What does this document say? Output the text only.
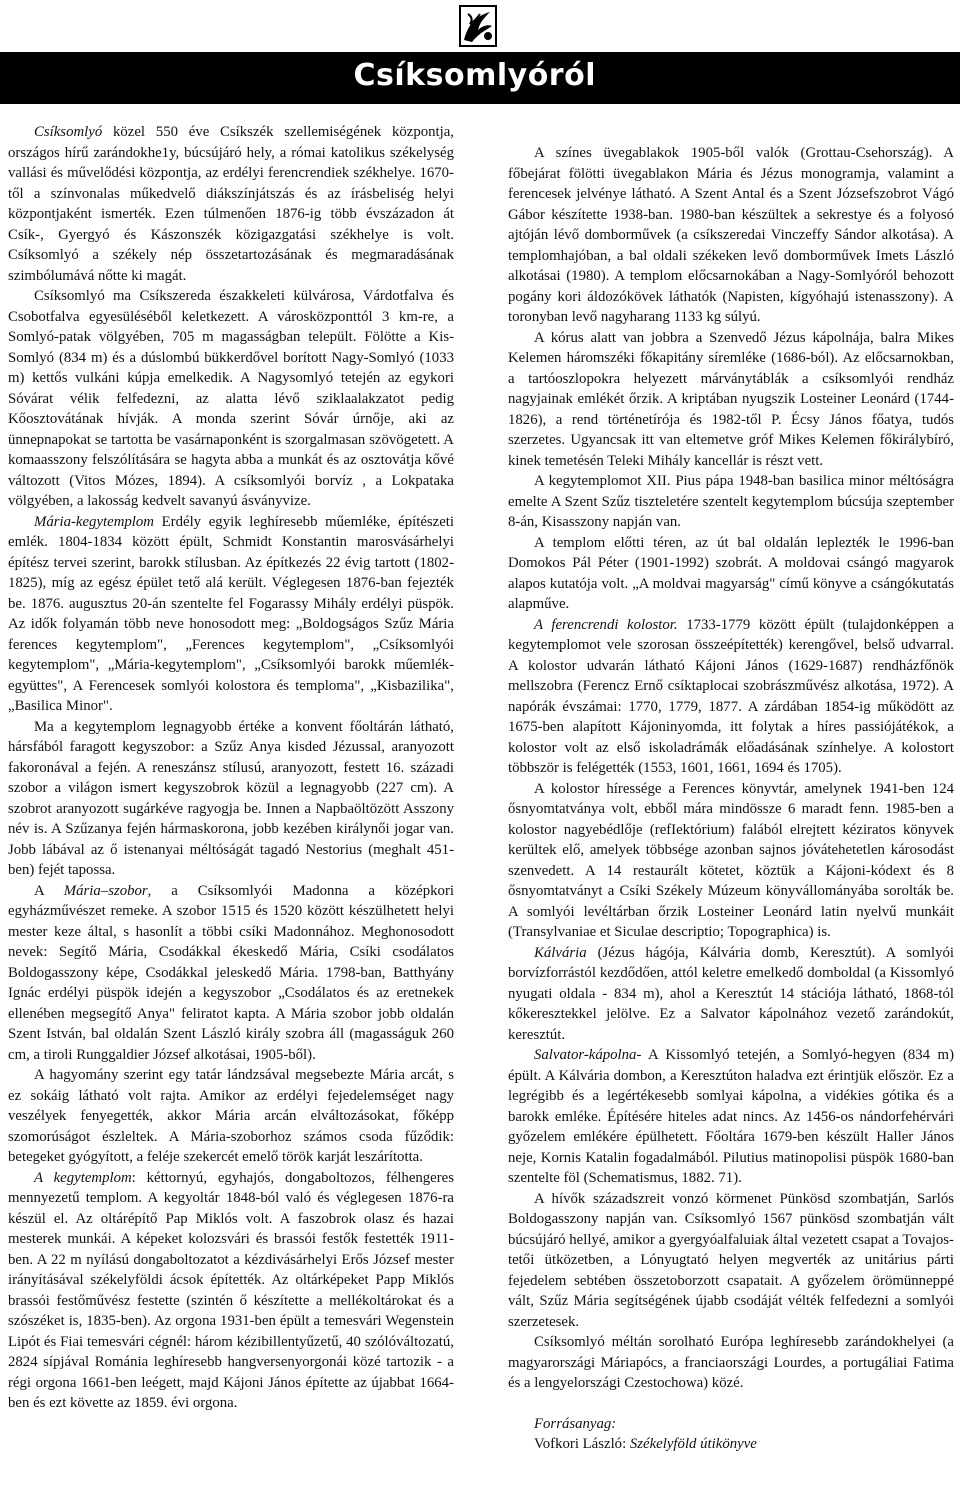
Csíksomlyóról

Csíksomlyó közel 550 éve Csíkszék szellemiségének központja, országos hírű zarándokhe1y, búcsújáró hely, a római katolikus székelység vallási és művelődési központja, az erdélyi ferencrendiek székhelye. 1670-től a színvonalas műkedvelő diákszínjátszás és az írásbeliség helyi központjaként ismerték. Ezen túlmenően 1876-ig több évszázadon át Csík-, Gyergyó és Kászonszék közigazgatási székhelye is volt. Csíksomlyó a székely nép összetartozásának és megmaradásának szimbólumává nőtte ki magát.

Csíksomlyó ma Csíkszereda északkeleti külvárosa, Várdotfalva és Csobotfalva egyesüléséből keletkezett. A városközponttól 3 km-re, a Somlyó-patak völgyében, 705 m magasságban települt. Fölötte a Kis-Somlyó (834 m) és a dúslombú bükkerdővel borított Nagy-Somlyó (1033 m) kettős vulkáni kúpja emelkedik. A Nagysomlyó tetején az egykori Sóvárat vélik felfedezni, az alatta lévő sziklaalakzatot pedig Kőosztovátának hívják. A monda szerint Sóvár úrnője, aki az ünnepnapokat se tartotta be vasárnaponként is szorgalmasan szövögetett. A komaasszony felszólítására se hagyta abba a munkát és az osztovátja kővé változott (Vitos Mózes, 1894). A csíksomlyói borvíz , a Lokpataka völgyében, a lakosság kedvelt savanyú ásványvize.

Mária-kegytemplom Erdély egyik leghíresebb műemléke, építészeti emlék. 1804-1834 között épült, Schmidt Konstantin marosvásárhelyi építész tervei szerint, barokk stílusban. Az építkezés 22 évig tartott (1802-1825), míg az egész épület tető alá került. Véglegesen 1876-ban fejezték be. 1876. augusztus 20-án szentelte fel Fogarassy Mihály erdélyi püspök. Az idők folyamán több neve honosodott meg: „Boldogságos Szűz Mária ferences kegytemplom", „Ferences kegytemplom", „Csíksomlyói kegytemplom", „Mária-kegytemplom", „Csíksomlyói barokk műemlék-együttes", A Ferencesek somlyói kolostora és temploma", „Kisbazilika", „Basilica Minor".

Ma a kegytemplom legnagyobb értéke a konvent főoltárán látható, hársfából faragott kegyszobor: a Szűz Anya kisded Jézussal, aranyozott fakoronával a fején. A reneszánsz stílusú, aranyozott, festett 16. századi szobor a világon ismert kegyszobrok közül a legnagyobb (227 cm). A szobrot aranyozott sugárkéve ragyogja be. Innen a Napbaöltözött Asszony név is. A Szűzanya fején hármaskorona, jobb kezében királynői jogar van. Jobb lábával az ő istenanyai méltóságát tagadó Nestorius (meghalt 451-ben) fejét tapossa.

A Mária–szobor, a Csíksomlyói Madonna a középkori egyházművészet remeke. A szobor 1515 és 1520 között készülhetett helyi mester keze által, s hasonlít a többi csíki Madonnához. Meghonosodott nevek: Segítő Mária, Csodákkal ékeskedő Mária, Csíki csodálatos Boldogasszony képe, Csodákkal jeleskedő Mária. 1798-ban, Batthyány Ignác erdélyi püspök idején a kegyszobor „Csodálatos és az eretnekek ellenében megsegítő Anya" feliratot kapta. A Mária szobor jobb oldalán Szent István, bal oldalán Szent László király szobra áll (magasságuk 260 cm, a tiroli Runggaldier József alkotásai, 1905-ből).

A hagyomány szerint egy tatár lándzsával megsebezte Mária arcát, s ez sokáig látható volt rajta. Amikor az erdélyi fejedelemséget nagy veszélyek fenyegették, akkor Mária arcán elváltozásokat, főképp szomorúságot észleltek. A Mária-szoborhoz számos csoda fűződik: betegeket gyógyított, a feléje szekercét emelő török karját leszárította.

A kegytemplom: kéttornyú, egyhajós, dongaboltozos, félhengeres mennyezetű templom. A kegyoltár 1848-ból való és véglegesen 1876-ra készül el. Az oltárépítő Pap Miklós volt. A faszobrok olasz és hazai mesterek munkái. A képeket kolozsvári és brassói festők festették 1911-ben. A 22 m nyílású dongaboltozatot a kézdivásárhelyi Erős József mester irányításával székelyföldi ácsok építették. Az oltárképeket Papp Miklós brassói festőművész festette (szintén ő készítette a mellékoltárokat és a szószéket is, 1835-ben). Az orgona 1931-ben épült a temesvári Wegenstein Lipót és Fiai temesvári cégnél: három kézibillentyűzetű, 40 szólóváltozatú, 2824 sípjával Románia leghíresebb hangversenyorgonái közé tartozik - a régi orgona 1661-ben leégett, majd Kájoni János építette az újabbat 1664-ben és ezt követte az 1859. évi orgona.

A színes üvegablakok 1905-ből valók (Grottau-Csehország). A főbejárat fölötti üvegablakon Mária és Jézus monogramja, valamint a ferencesek jelvénye látható. A Szent Antal és a Szent Józsefszobrot Vágó Gábor készítette 1938-ban. 1980-ban készültek a sekrestye és a folyosó ajtóján lévő domborművek (a csíkszeredai Vinczeffy Sándor alkotása). A templomhajóban, a bal oldali székeken levő domborművek Imets László alkotásai (1980). A templom előcsarnokában a Nagy-Somlyóról behozott pogány kori áldozókövek láthatók (Napisten, kígyóhajú istenasszony). A toronyban levő nagyharang 1133 kg súlyú.

A kórus alatt van jobbra a Szenvedő Jézus kápolnája, balra Mikes Kelemen háromszéki főkapitány síremléke (1686-ból). Az előcsarnokban, a tartóoszlopokra helyezett márványtáblák a csíksomlyói rendház nagyjainak emlékét őrzik. A kriptában nyugszik Losteiner Leonárd (1744-1826), a rend történetírója és 1982-től P. Écsy János főatya, tudós szerzetes. Ugyancsak itt van eltemetve gróf Mikes Kelemen főkirálybíró, kinek temetésén Teleki Mihály kancellár is részt vett.

A kegytemplomot XII. Pius pápa 1948-ban basilica minor méltóságra emelte A Szent Szűz tiszteletére szentelt kegytemplom búcsúja szeptember 8-án, Kisasszony napján van.

A templom előtti téren, az út bal oldalán leplezték le 1996-ban Domokos Pál Péter (1901-1992) szobrát. A moldovai csángó magyarok alapos kutatója volt. „A moldvai magyarság" című könyve a csángókutatás alapműve.

A ferencrendi kolostor. 1733-1779 között épült (tulajdonképpen a kegytemplomot vele szorosan összeépítették) kerengővel, belső udvarral. A kolostor udvarán látható Kájoni János (1629-1687) rendházfőnök mellszobra (Ferencz Ernő csíktaplocai szobrászművész alkotása, 1972). A napórák évszámai: 1770, 1779, 1877. A zárdában 1854-ig működött az 1675-ben alapított Kájoninyomda, itt folytak a híres passiójátékok, a kolostor volt az első iskoladrámák előadásának színhelye. A kolostort többször is felégették (1553, 1601, 1661, 1694 és 1705).

A kolostor híressége a Ferences könyvtár, amelynek 1941-ben 124 ősnyomtatványa volt, ebből mára mindössze 6 maradt fenn. 1985-ben a kolostor nagyebédlője (refIektórium) falából elrejtett kéziratos könyvek kerültek elő, amelyek többsége azonban sajnos jóvátehetetlen károsodást szenvedett. A 14 restaurált kötetet, köztük a Kájoni-kódext és 8 ősnyomtatványt a Csíki Székely Múzeum könyvállományába sorolták be. A somlyói levéltárban őrzik Losteiner Leonárd latin nyelvű munkáit (Transylvaniae et Siculae descriptio; Topographica) is.

Kálvária (Jézus hágója, Kálvária domb, Keresztút). A somlyói borvízforrástól kezdődően, attól keletre emelkedő domboldal (a Kissomlyó nyugati oldala - 834 m), ahol a Keresztút 14 stációja látható, 1868-tól kőkeresztekkel jelölve. Ez a Salvator kápolnához vezető zarándokút, keresztút.

Salvator-kápolna- A Kissomlyó tetején, a Somlyó-hegyen (834 m) épült. A Kálvária dombon, a Keresztúton haladva ezt érintjük először. Ez a legrégibb és a legértékesebb somlyai kápolna, a vidékies gótika és a barokk emléke. Építésére hiteles adat nincs. Az 1456-os nándorfehérvári győzelem emlékére épülhetett. Főoltára 1679-ben készült Haller János neje, Kornis Katalin fogadalmából. Pilutius matinopolisi püspök 1680-ban szentelte föl (Schematismus, 1882. 71).

A hívők századszreit vonzó körmenet Pünkösd szombatján, Sarlós Boldogasszony napján van. Csíksomlyó 1567 pünkösd szombatján vált búcsújáró hellyé, amikor a gyergyóalfaluiak által vezetett csapat a Tovajos-tetői ütközetben, a Lónyugtató helyen megverték az unitárius párti fejedelem sebtében összetoborzott csapatait. A győzelem örömünneppé vált, Szűz Mária segítségének újabb csodáját vélték felfedezni a somlyói szerzetesek.

Csíksomlyó méltán sorolható Európa leghíresebb zarándokhelyei (a magyarországi Máriapócs, a franciaországi Lourdes, a portugáliai Fatima és a lengyelországi Czestochowa) közé.

Forrásanyag:

Vofkori László: Székelyföld útikönyve
